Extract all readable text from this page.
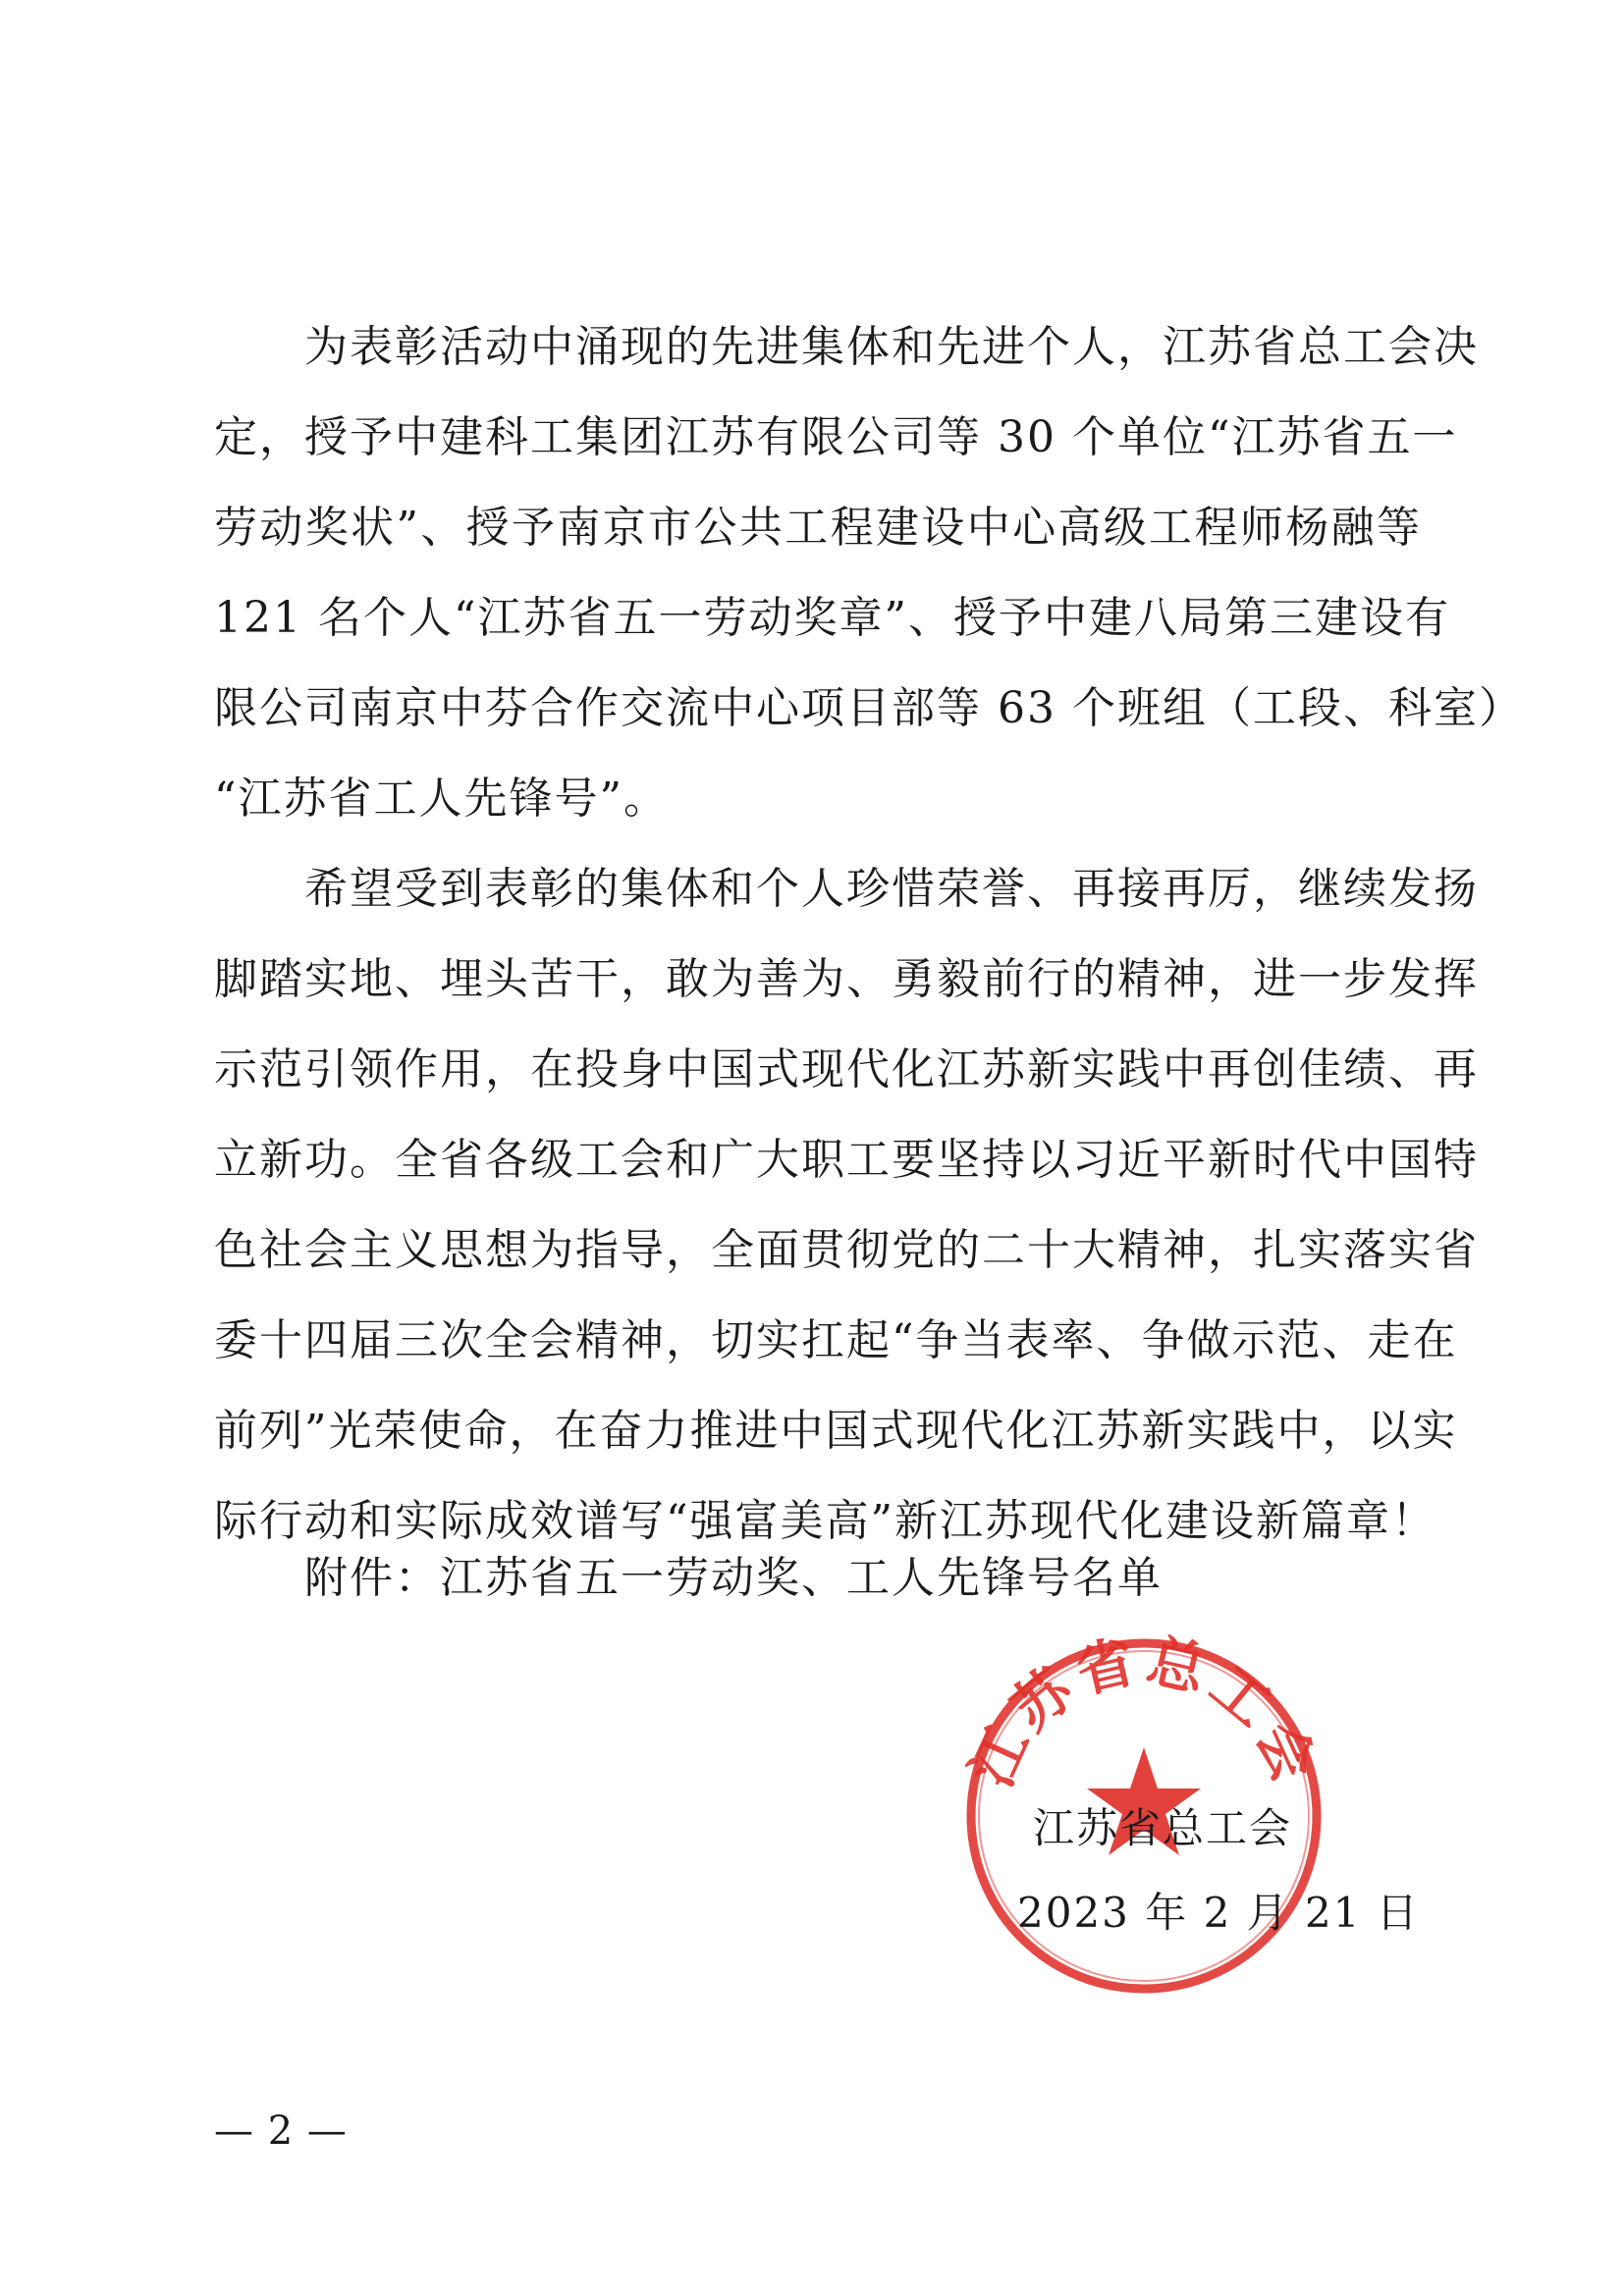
为表彰活动中涌现的先进集体和先进个人，江苏省总工会决
定，授予中建科工集团江苏有限公司等 30 个单位“江苏省五一
劳动奖状”、授予南京市公共工程建设中心高级工程师杨融等
121 名个人“江苏省五一劳动奖章”、授予中建八局第三建设有
限公司南京中芬合作交流中心项目部等 63 个班组（工段、科室）
“江苏省工人先锋号”。
希望受到表彰的集体和个人珍惜荣誉、再接再厉，继续发扬
脚踏实地、埋头苦干，敢为善为、勇毅前行的精神，进一步发挥
示范引领作用，在投身中国式现代化江苏新实践中再创佳绩、再
立新功。全省各级工会和广大职工要坚持以习近平新时代中国特
色社会主义思想为指导，全面贯彻党的二十大精神，扎实落实省
委十四届三次全会精神，切实扛起“争当表率、争做示范、走在
前列”光荣使命，在奋力推进中国式现代化江苏新实践中，以实
际行动和实际成效谱写“强富美高”新江苏现代化建设新篇章！
附件：江苏省五一劳动奖、工人先锋号名单
江苏省总工会
江苏省总工会
2023 年 2 月 21 日
— 2 —
